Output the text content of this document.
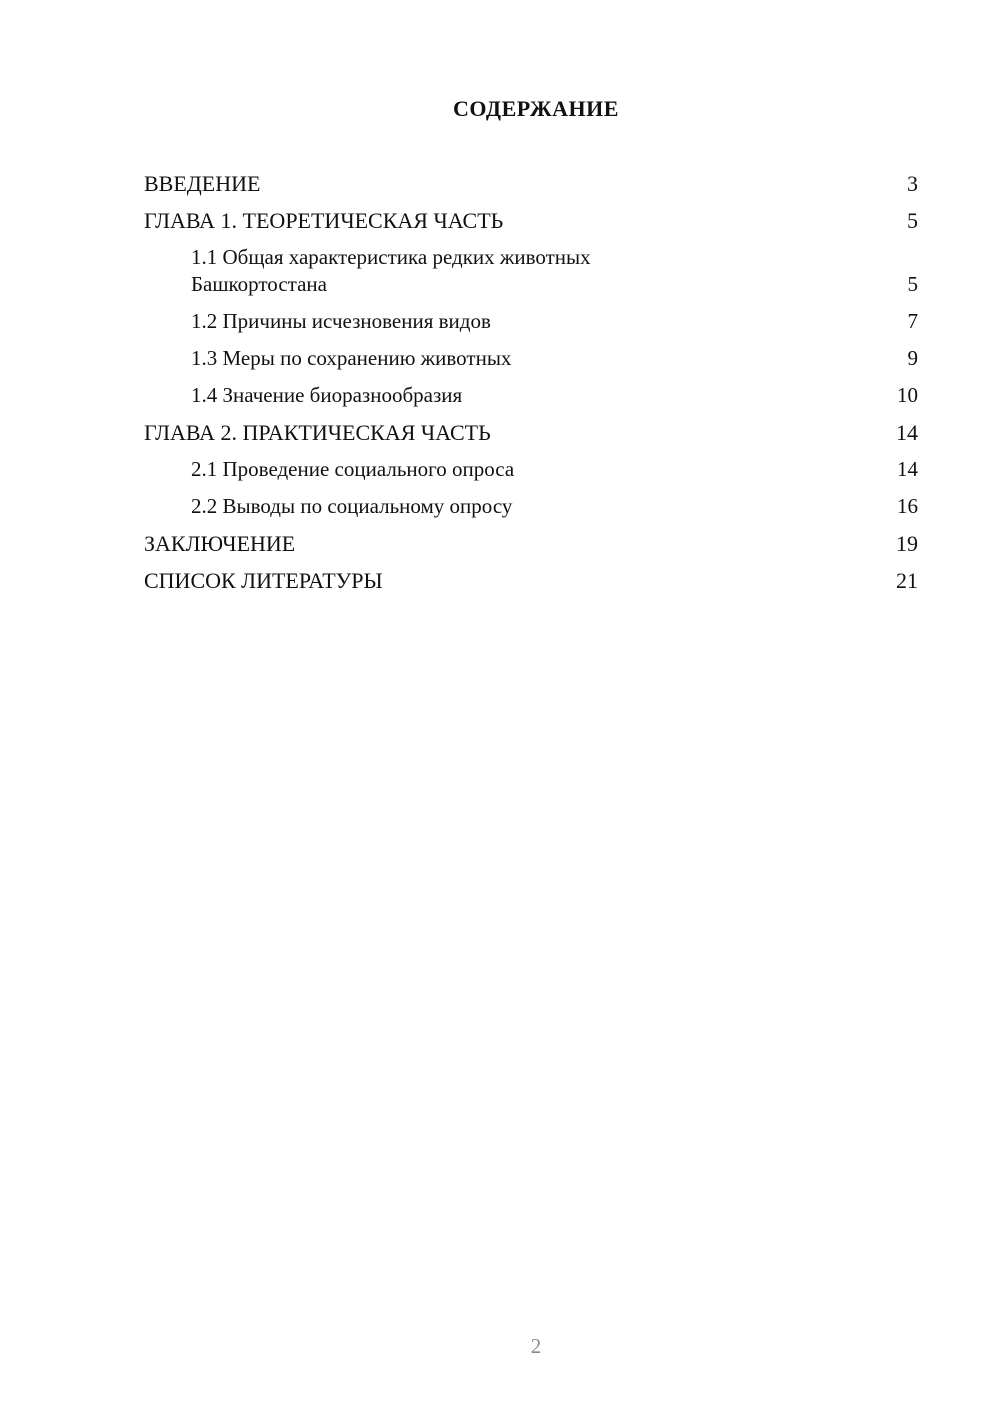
СОДЕРЖАНИЕ
ВВЕДЕНИЕ	3
ГЛАВА 1. ТЕОРЕТИЧЕСКАЯ ЧАСТЬ	5
1.1 Общая характеристика редких животных Башкортостана	5
1.2 Причины исчезновения видов	7
1.3 Меры по сохранению животных	9
1.4 Значение биоразнообразия	10
ГЛАВА 2. ПРАКТИЧЕСКАЯ ЧАСТЬ	14
2.1 Проведение социального опроса	14
2.2 Выводы по социальному опросу	16
ЗАКЛЮЧЕНИЕ	19
СПИСОК ЛИТЕРАТУРЫ	21
2
